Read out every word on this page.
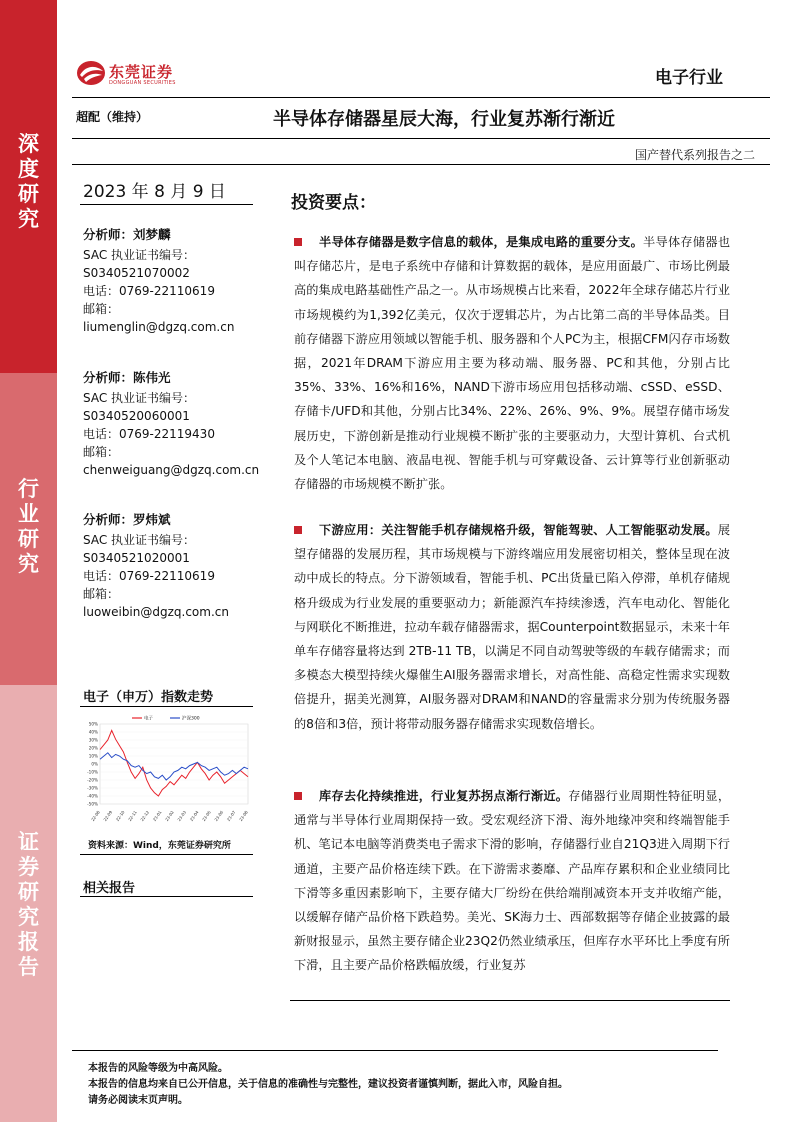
深
度
研
究
行
业
研
究
证
券
研
究
报
告
东莞证券
DONGGUAN SECURITIES	电子行业
超配（维持）	半导体存储器星辰大海，行业复苏渐行渐近
国产替代系列报告之二
2023 年 8 月 9 日
分析师：刘梦麟
SAC 执业证书编号：
S0340521070002
电话：0769-22110619
邮箱：
liumenglin@dgzq.com.cn
分析师：陈伟光
SAC 执业证书编号：
S0340520060001
电话：0769-22119430
邮箱：
chenweiguang@dgzq.com.cn
分析师：罗炜斌
SAC 执业证书编号：
S0340521020001
电话：0769-22110619
邮箱：
luoweibin@dgzq.com.cn
电子（申万）指数走势
50%
40%
30%
20%
10%
0%
-10%
-20%
-30%
-40%
-50%
22-08 22-09 22-10 22-11 22-12 23-01 23-02 23-03 23-04 23-05 23-06 23-07 23-08
电子	沪深300
资料来源：Wind，东莞证券研究所
相关报告
投资要点：
半导体存储器是数字信息的载体，是集成电路的重要分支。半导体存储器也叫存储芯片，是电子系统中存储和计算数据的载体，是应用面最广、市场比例最高的集成电路基础性产品之一。从市场规模占比来看，2022年全球存储芯片行业市场规模约为1,392亿美元，仅次于逻辑芯片，为占比第二高的半导体品类。目前存储器下游应用领域以智能手机、服务器和个人PC为主，根据CFM闪存市场数据，2021年DRAM下游应用主要为移动端、服务器、PC和其他，分别占比35%、33%、16%和16%，NAND下游市场应用包括移动端、cSSD、eSSD、存储卡/UFD和其他，分别占比34%、22%、26%、9%、9%。展望存储市场发展历史，下游创新是推动行业规模不断扩张的主要驱动力，大型计算机、台式机及个人笔记本电脑、液晶电视、智能手机与可穿戴设备、云计算等行业创新驱动存储器的市场规模不断扩张。
下游应用：关注智能手机存储规格升级，智能驾驶、人工智能驱动发展。展望存储器的发展历程，其市场规模与下游终端应用发展密切相关，整体呈现在波动中成长的特点。分下游领域看，智能手机、PC出货量已陷入停滞，单机存储规格升级成为行业发展的重要驱动力；新能源汽车持续渗透，汽车电动化、智能化与网联化不断推进，拉动车载存储器需求，据Counterpoint数据显示，未来十年单车存储容量将达到 2TB-11 TB，以满足不同自动驾驶等级的车载存储需求；而多模态大模型持续火爆催生AI服务器需求增长，对高性能、高稳定性需求实现数倍提升，据美光测算，AI服务器对DRAM和NAND的容量需求分别为传统服务器的8倍和3倍，预计将带动服务器存储需求实现数倍增长。
库存去化持续推进，行业复苏拐点渐行渐近。存储器行业周期性特征明显，通常与半导体行业周期保持一致。受宏观经济下滑、海外地缘冲突和终端智能手机、笔记本电脑等消费类电子需求下滑的影响，存储器行业自21Q3进入周期下行通道，主要产品价格连续下跌。在下游需求萎靡、产品库存累积和企业业绩同比下滑等多重因素影响下，主要存储大厂纷纷在供给端削减资本开支并收缩产能，以缓解存储产品价格下跌趋势。美光、SK海力士、西部数据等存储企业披露的最新财报显示，虽然主要存储企业23Q2仍然业绩承压，但库存水平环比上季度有所下滑，且主要产品价格跌幅放缓，行业复苏
本报告的风险等级为中高风险。
本报告的信息均来自已公开信息，关于信息的准确性与完整性，建议投资者谨慎判断，据此入市，风险自担。
请务必阅读末页声明。
